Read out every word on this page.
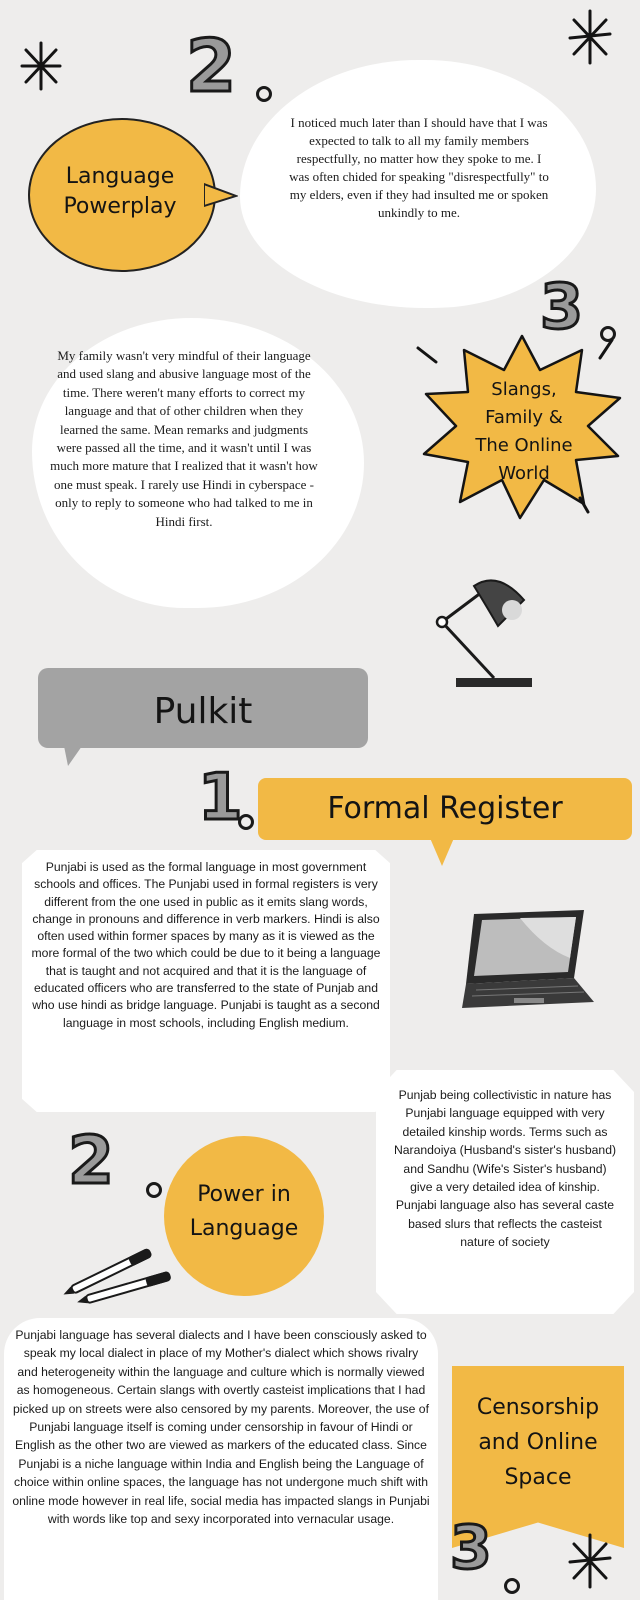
2
I noticed much later than I should have that I was expected to talk to all my family members respectfully, no matter how they spoke to me. I was often chided for speaking "disrespectfully" to my elders, even if they had insulted me or spoken unkindly to me.
Language Powerplay
3
My family wasn't very mindful of their language and used slang and abusive language most of the time. There weren't many efforts to correct my language and that of other children when they learned the same. Mean remarks and judgments were passed all the time, and it wasn't until I was much more mature that I realized that it wasn't how one must speak. I rarely use Hindi in cyberspace - only to reply to someone who had talked to me in Hindi first.
Slangs, Family & The Online World
Pulkit
1	Formal Register
Punjabi is used as the formal language in most government schools and offices. The Punjabi used in formal registers is very different from the one used in public as it emits slang words, change in pronouns and difference in verb markers. Hindi is also often used within former spaces by many as it is viewed as the more formal of the two which could be due to it being a language that is taught and not acquired and that it is the language of educated officers who are transferred to the state of Punjab and who use hindi as bridge language. Punjabi is taught as a second language in most schools, including English medium.
2	Power in Language
Punjab being collectivistic in nature has Punjabi language equipped with very detailed kinship words. Terms such as Narandoiya (Husband's sister's husband) and Sandhu (Wife's Sister's husband) give a very detailed idea of kinship. Punjabi language also has several caste based slurs that reflects the casteist nature of society
Punjabi language has several dialects and I have been consciously asked to speak my local dialect in place of my Mother's dialect which shows rivalry and heterogeneity within the language and culture which is normally viewed as homogeneous. Certain slangs with overtly casteist implications that I had picked up on streets were also censored by my parents. Moreover, the use of Punjabi language itself is coming under censorship in favour of Hindi or English as the other two are viewed as markers of the educated class. Since Punjabi is a niche language within India and English being the Language of choice within online spaces, the language has not undergone much shift with online mode however in real life, social media has impacted slangs in Punjabi with words like top and sexy incorporated into vernacular usage.
Censorship and Online Space
3
